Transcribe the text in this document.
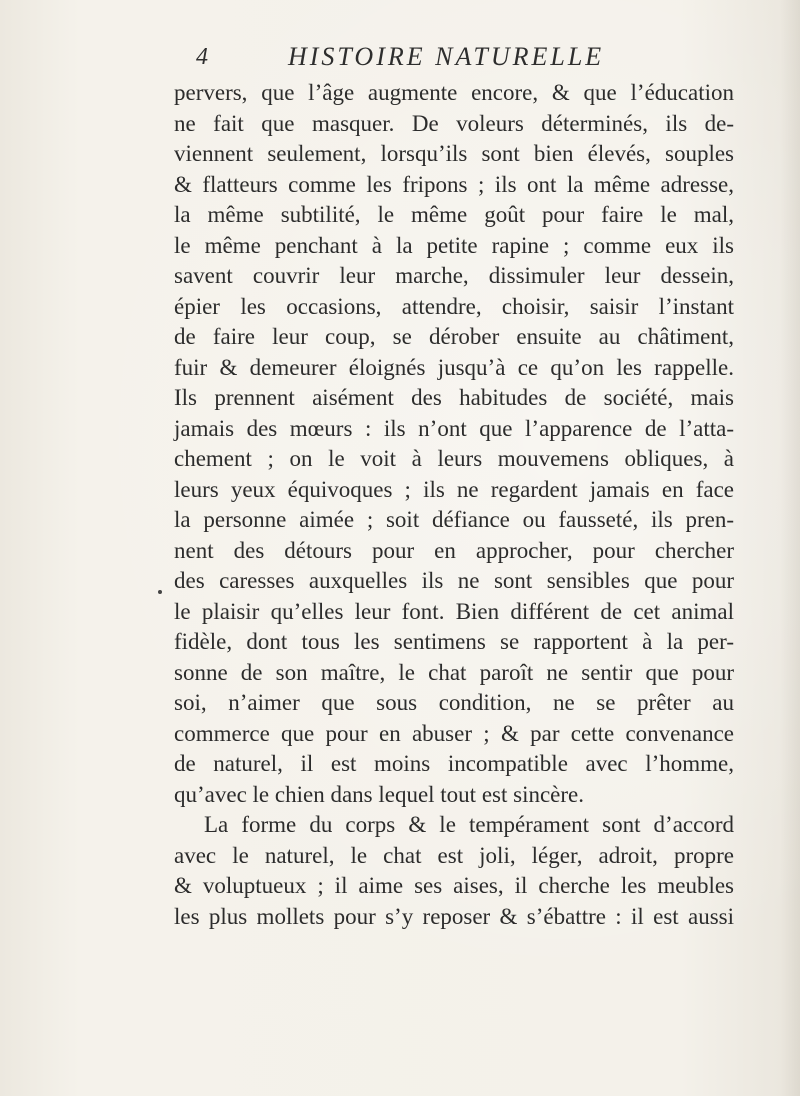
4	HISTOIRE NATURELLE
pervers, que l’âge augmente encore, & que l’éducation
ne fait que masquer. De voleurs déterminés, ils de-
viennent seulement, lorsqu’ils sont bien élevés, souples
& flatteurs comme les fripons ; ils ont la même adresse,
la même subtilité, le même goût pour faire le mal,
le même penchant à la petite rapine ; comme eux ils
savent couvrir leur marche, dissimuler leur dessein,
épier les occasions, attendre, choisir, saisir l’instant
de faire leur coup, se dérober ensuite au châtiment,
fuir & demeurer éloignés jusqu’à ce qu’on les rappelle.
Ils prennent aisément des habitudes de société, mais
jamais des mœurs : ils n’ont que l’apparence de l’atta-
chement ; on le voit à leurs mouvemens obliques, à
leurs yeux équivoques ; ils ne regardent jamais en face
la personne aimée ; soit défiance ou fausseté, ils pren-
nent des détours pour en approcher, pour chercher
des caresses auxquelles ils ne sont sensibles que pour
le plaisir qu’elles leur font. Bien différent de cet animal
fidèle, dont tous les sentimens se rapportent à la per-
sonne de son maître, le chat paroît ne sentir que pour
soi, n’aimer que sous condition, ne se prêter au
commerce que pour en abuser ; & par cette convenance
de naturel, il est moins incompatible avec l’homme,
qu’avec le chien dans lequel tout est sincère.
La forme du corps & le tempérament sont d’accord
avec le naturel, le chat est joli, léger, adroit, propre
& voluptueux ; il aime ses aises, il cherche les meubles
les plus mollets pour s’y reposer & s’ébattre : il est aussi
